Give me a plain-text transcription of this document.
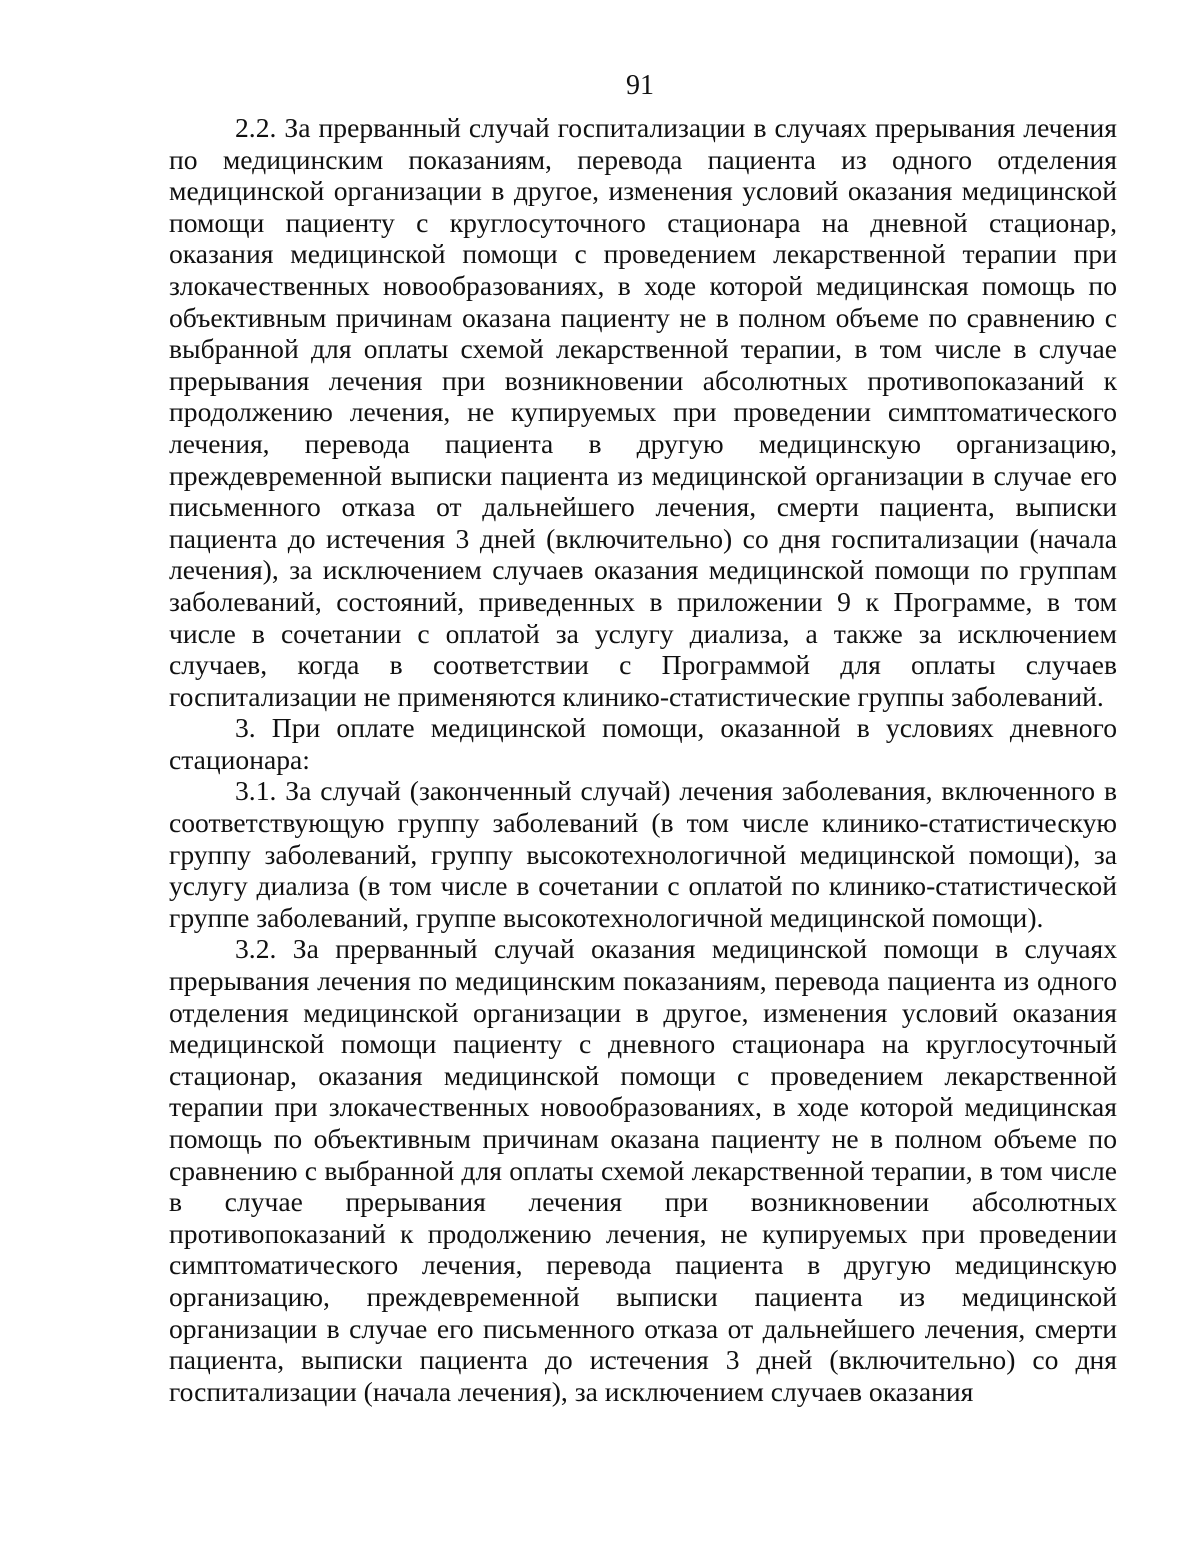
91

2.2. За прерванный случай госпитализации в случаях прерывания лечения по медицинским показаниям, перевода пациента из одного отделения медицинской организации в другое, изменения условий оказания медицинской помощи пациенту с круглосуточного стационара на дневной стационар, оказания медицинской помощи с проведением лекарственной терапии при злокачественных новообразованиях, в ходе которой медицинская помощь по объективным причинам оказана пациенту не в полном объеме по сравнению с выбранной для оплаты схемой лекарственной терапии, в том числе в случае прерывания лечения при возникновении абсолютных противопоказаний к продолжению лечения, не купируемых при проведении симптоматического лечения, перевода пациента в другую медицинскую организацию, преждевременной выписки пациента из медицинской организации в случае его письменного отказа от дальнейшего лечения, смерти пациента, выписки пациента до истечения 3 дней (включительно) со дня госпитализации (начала лечения), за исключением случаев оказания медицинской помощи по группам заболеваний, состояний, приведенных в приложении 9 к Программе, в том числе в сочетании с оплатой за услугу диализа, а также за исключением случаев, когда в соответствии с Программой для оплаты случаев госпитализации не применяются клинико-статистические группы заболеваний.

3. При оплате медицинской помощи, оказанной в условиях дневного стационара:

3.1. За случай (законченный случай) лечения заболевания, включенного в соответствующую группу заболеваний (в том числе клинико-статистическую группу заболеваний, группу высокотехнологичной медицинской помощи), за услугу диализа (в том числе в сочетании с оплатой по клинико-статистической группе заболеваний, группе высокотехнологичной медицинской помощи).

3.2. За прерванный случай оказания медицинской помощи в случаях прерывания лечения по медицинским показаниям, перевода пациента из одного отделения медицинской организации в другое, изменения условий оказания медицинской помощи пациенту с дневного стационара на круглосуточный стационар, оказания медицинской помощи с проведением лекарственной терапии при злокачественных новообразованиях, в ходе которой медицинская помощь по объективным причинам оказана пациенту не в полном объеме по сравнению с выбранной для оплаты схемой лекарственной терапии, в том числе в случае прерывания лечения при возникновении абсолютных противопоказаний к продолжению лечения, не купируемых при проведении симптоматического лечения, перевода пациента в другую медицинскую организацию, преждевременной выписки пациента из медицинской организации в случае его письменного отказа от дальнейшего лечения, смерти пациента, выписки пациента до истечения 3 дней (включительно) со дня госпитализации (начала лечения), за исключением случаев оказания
